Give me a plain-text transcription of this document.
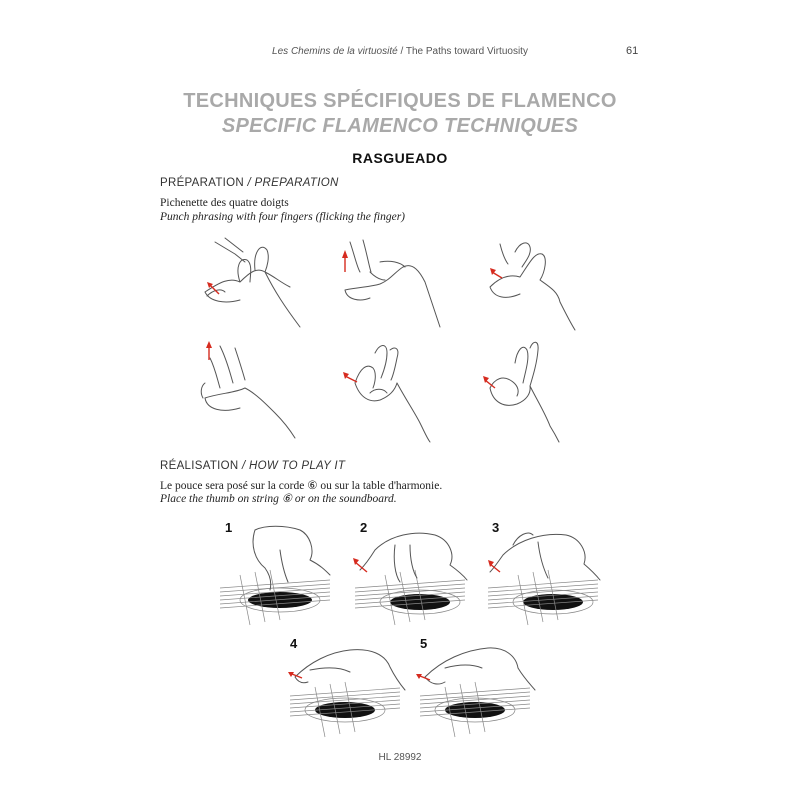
Les Chemins de la virtuosité / The Paths toward Virtuosity	61
TECHNIQUES SPÉCIFIQUES DE FLAMENCO
SPECIFIC FLAMENCO TECHNIQUES
RASGUEADO
PRÉPARATION / PREPARATION
Pichenette des quatre doigts
Punch phrasing with four fingers (flicking the finger)
RÉALISATION / HOW TO PLAY IT
Le pouce sera posé sur la corde ⑥ ou sur la table d'harmonie.
Place the thumb on string ⑥ or on the soundboard.
1	2	3
4	5
HL 28992
